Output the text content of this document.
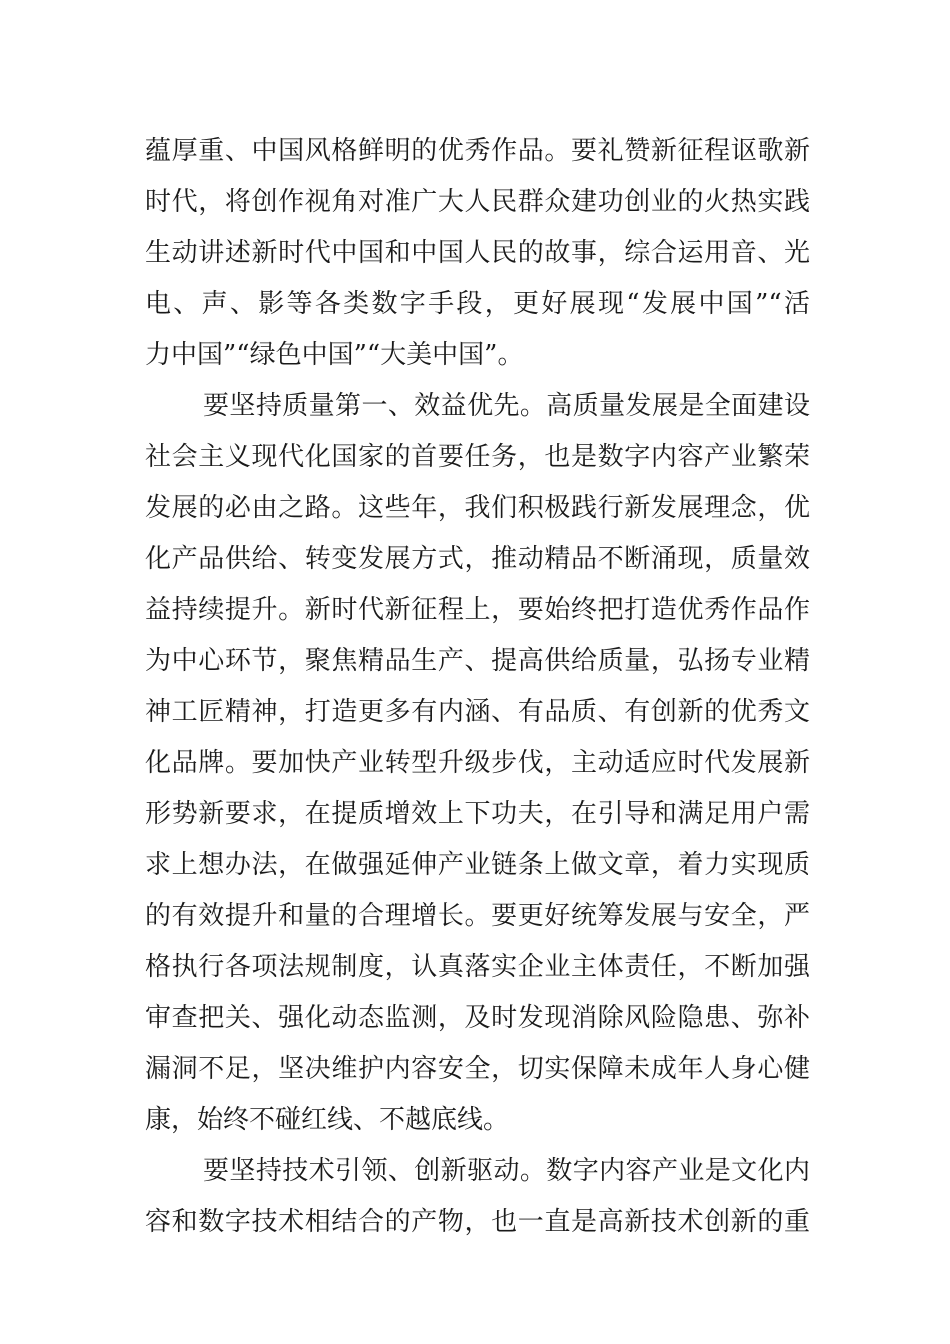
蕴厚重、中国风格鲜明的优秀作品。要礼赞新征程讴歌新
时代，将创作视角对准广大人民群众建功创业的火热实践
生动讲述新时代中国和中国人民的故事，综合运用音、光
电、声、影等各类数字手段，更好展现“发展中国”“活
力中国”“绿色中国”“大美中国”。
要坚持质量第一、效益优先。高质量发展是全面建设
社会主义现代化国家的首要任务，也是数字内容产业繁荣
发展的必由之路。这些年，我们积极践行新发展理念，优
化产品供给、转变发展方式，推动精品不断涌现，质量效
益持续提升。新时代新征程上，要始终把打造优秀作品作
为中心环节，聚焦精品生产、提高供给质量，弘扬专业精
神工匠精神，打造更多有内涵、有品质、有创新的优秀文
化品牌。要加快产业转型升级步伐，主动适应时代发展新
形势新要求，在提质增效上下功夫，在引导和满足用户需
求上想办法，在做强延伸产业链条上做文章，着力实现质
的有效提升和量的合理增长。要更好统筹发展与安全，严
格执行各项法规制度，认真落实企业主体责任，不断加强
审查把关、强化动态监测，及时发现消除风险隐患、弥补
漏洞不足，坚决维护内容安全，切实保障未成年人身心健
康，始终不碰红线、不越底线。
要坚持技术引领、创新驱动。数字内容产业是文化内
容和数字技术相结合的产物，也一直是高新技术创新的重
